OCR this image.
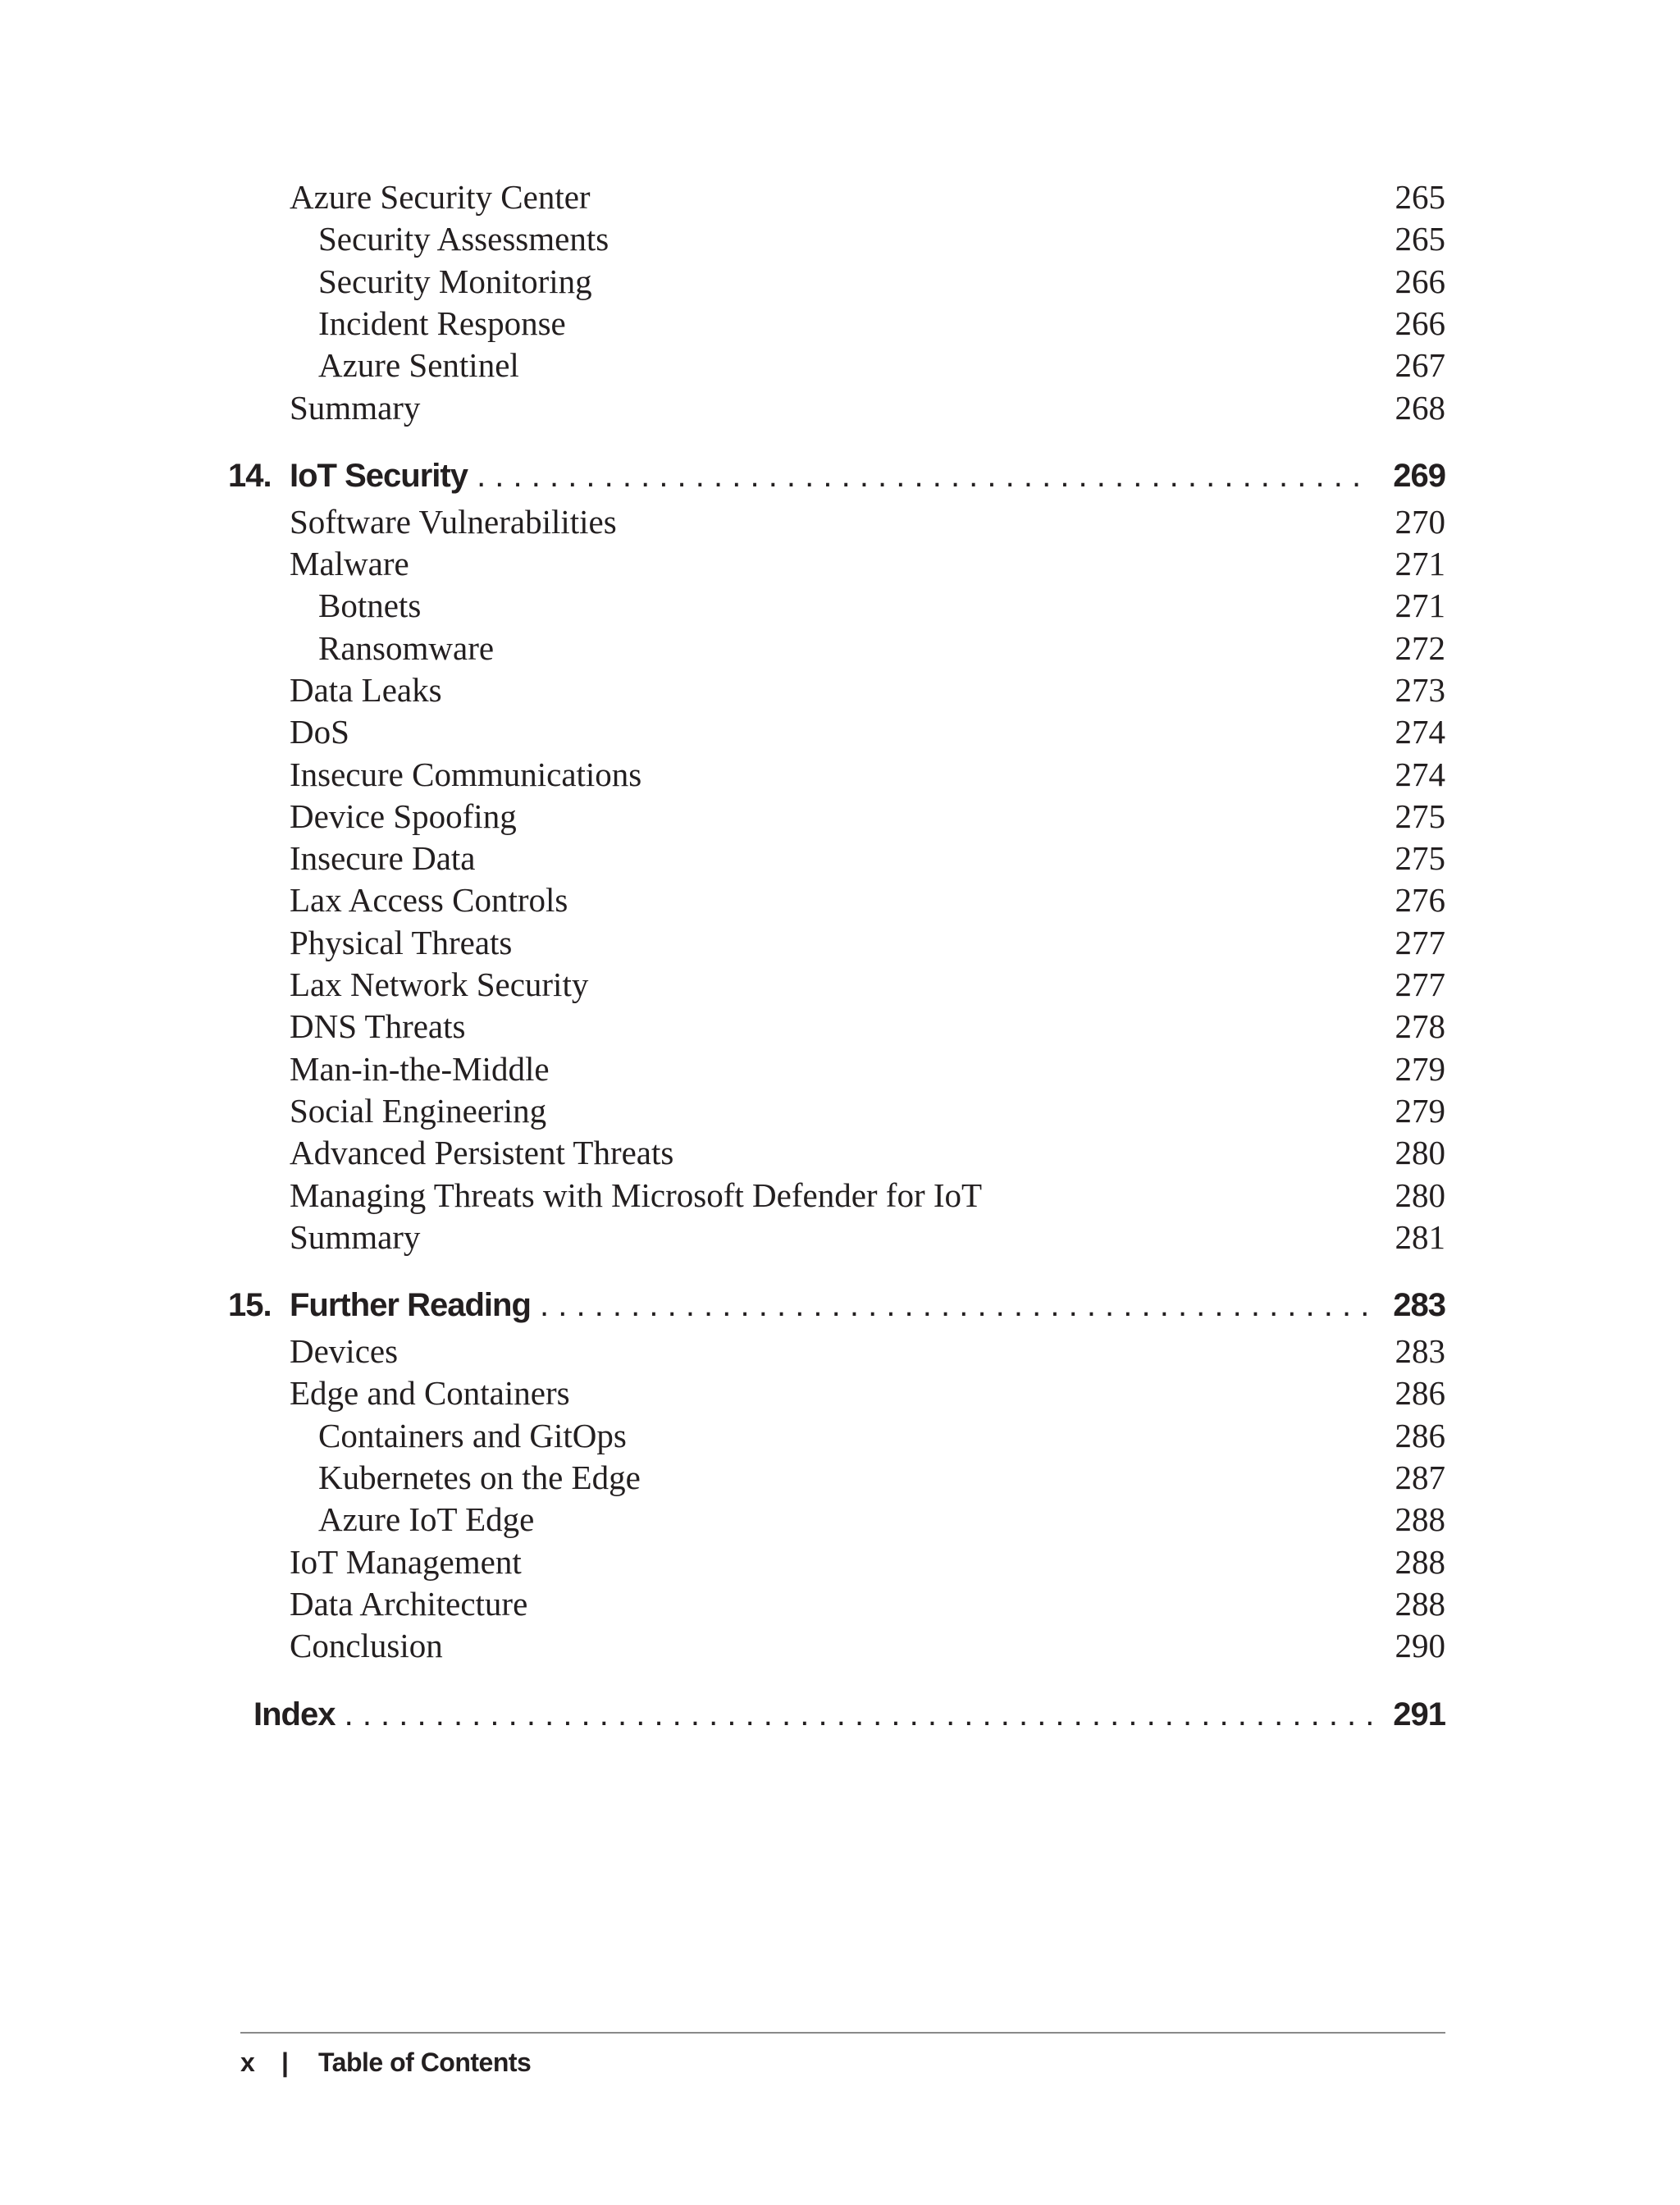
Azure Security Center	265
Security Assessments	265
Security Monitoring	266
Incident Response	266
Azure Sentinel	267
Summary	268
14. IoT Security . . .	269
Software Vulnerabilities	270
Malware	271
Botnets	271
Ransomware	272
Data Leaks	273
DoS	274
Insecure Communications	274
Device Spoofing	275
Insecure Data	275
Lax Access Controls	276
Physical Threats	277
Lax Network Security	277
DNS Threats	278
Man-in-the-Middle	279
Social Engineering	279
Advanced Persistent Threats	280
Managing Threats with Microsoft Defender for IoT	280
Summary	281
15. Further Reading . . .	283
Devices	283
Edge and Containers	286
Containers and GitOps	286
Kubernetes on the Edge	287
Azure IoT Edge	288
IoT Management	288
Data Architecture	288
Conclusion	290
Index . . .	291
x | Table of Contents
